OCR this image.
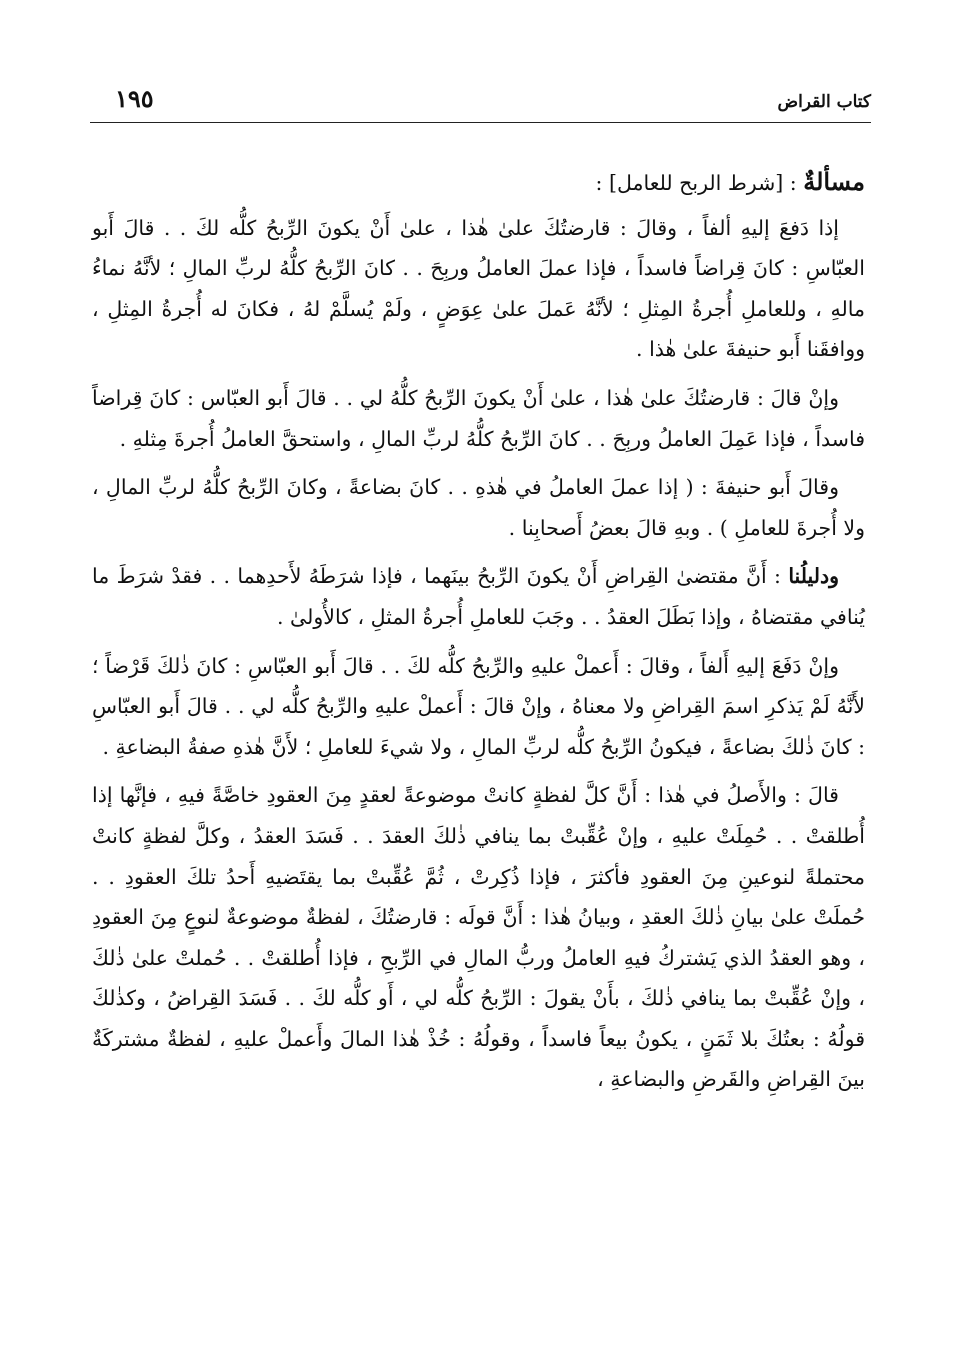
كتاب القراض
١٩٥

مسألةٌ : [شرط الربح للعامل] :

إذا دَفعَ إليهِ ألفاً ، وقالَ : قارضتُكَ علىٰ هٰذا ، علىٰ أَنْ يكونَ الرِّبحُ كلُّه لكَ . . قالَ أَبو العبّاسِ : كانَ قِراضاً فاسداً ، فإذا عملَ العاملُ وربِحَ . . كانَ الرِّبحُ كلُّهُ لربِّ المالِ ؛ لأنَّهُ نماءُ مالهِ ، وللعاملِ أُجرةُ المِثلِ ؛ لأنَّهُ عَملَ علىٰ عِوَضٍ ، ولَمْ يُسلَّمْ لهُ ، فكانَ له أُجرةُ المِثلِ ، ووافقَنا أَبو حنيفةَ علىٰ هٰذا .

وإنْ قالَ : قارضتُكَ علىٰ هٰذا ، علىٰ أَنْ يكونَ الرِّبحُ كلُّهُ لي . . قالَ أَبو العبّاس : كانَ قِراضاً فاسداً ، فإذا عَمِلَ العاملُ وربِحَ . . كانَ الرِّبحُ كلُّهُ لربِّ المالِ ، واستحقَّ العاملُ أُجرةَ مِثلهِ .

وقالَ أَبو حنيفةَ : ( إذا عملَ العاملُ في هٰذهِ . . كانَ بضاعةً ، وكانَ الرِّبحُ كلُّهُ لربِّ المالِ ، ولا أُجرةَ للعاملِ ) . وبهِ قالَ بعضُ أَصحابِنا .

ودليلُنا : أَنَّ مقتضىٰ القِراضِ أَنْ يكونَ الرِّبحُ بينَهما ، فإذا شرَطَهُ لأَحدِهما . . فقدْ شرَطَ ما يُنافي مقتضاهُ ، وإذا بَطَلَ العقدُ . . وجَبَ للعاملِ أُجرةُ المثلِ ، كالأُولىٰ .

وإنْ دَفَعَ إليهِ أَلفاً ، وقالَ : أَعملْ عليهِ والرِّبحُ كلُّه لكَ . . قالَ أَبو العبّاسِ : كانَ ذٰلكَ قَرْضاً ؛ لأَنَّهُ لَمْ يَذكرِ اسمَ القِراضِ ولا معناهُ ، وإنْ قالَ : أَعملْ عليهِ والرِّبحُ كلُّه لي . . قالَ أَبو العبّاسِ : كانَ ذٰلكَ بضاعةً ، فيكونُ الرِّبحُ كلُّه لربِّ المالِ ، ولا شيءَ للعاملِ ؛ لأَنَّ هٰذهِ صفةُ البضاعةِ .

قالَ : والأَصلُ في هٰذا : أَنَّ كلَّ لفظةٍ كانتْ موضوعةً لعقدٍ مِنَ العقودِ خاصَّةً فيهِ ، فإنَّها إذا أُطلقتْ . . حُمِلَتْ عليهِ ، وإنْ عُقِّبتْ بما ينافي ذٰلكَ العقدَ . . فَسَدَ العقدُ ، وكلَّ لفظةٍ كانتْ محتملةً لنوعينِ مِنَ العقودِ فأكثرَ ، فإذا ذُكِرتْ ، ثُمَّ عُقِّبتْ بما يقتَضيهِ أَحدُ تلكَ العقودِ . . حُملَتْ علىٰ بيانِ ذٰلكَ العقدِ ، وبيانُ هٰذا : أَنَّ قولَه : قارضتُكَ ، لفظةٌ موضوعةٌ لنوعٍ مِنَ العقودِ ، وهو العقدُ الذي يَشتركُ فيهِ العاملُ وربُّ المالِ في الرِّبحِ ، فإذا أُطلقتْ . . حُملتْ علىٰ ذٰلكَ ، وإنْ عُقِّبتْ بما ينافي ذٰلكَ ، بأَنْ يقولَ : الرِّبحُ كلُّه لي ، أَو كلُّه لكَ . . فَسَدَ القِراضُ ، وكذٰلكَ قولُهُ : بعتُكَ بلا ثَمَنٍ ، يكونُ بيعاً فاسداً ، وقولُهُ : خُذْ هٰذا المالَ وأَعملْ عليهِ ، لفظةٌ مشتركَةٌ بينَ القِراضِ والقَرضِ والبضاعةِ ،
